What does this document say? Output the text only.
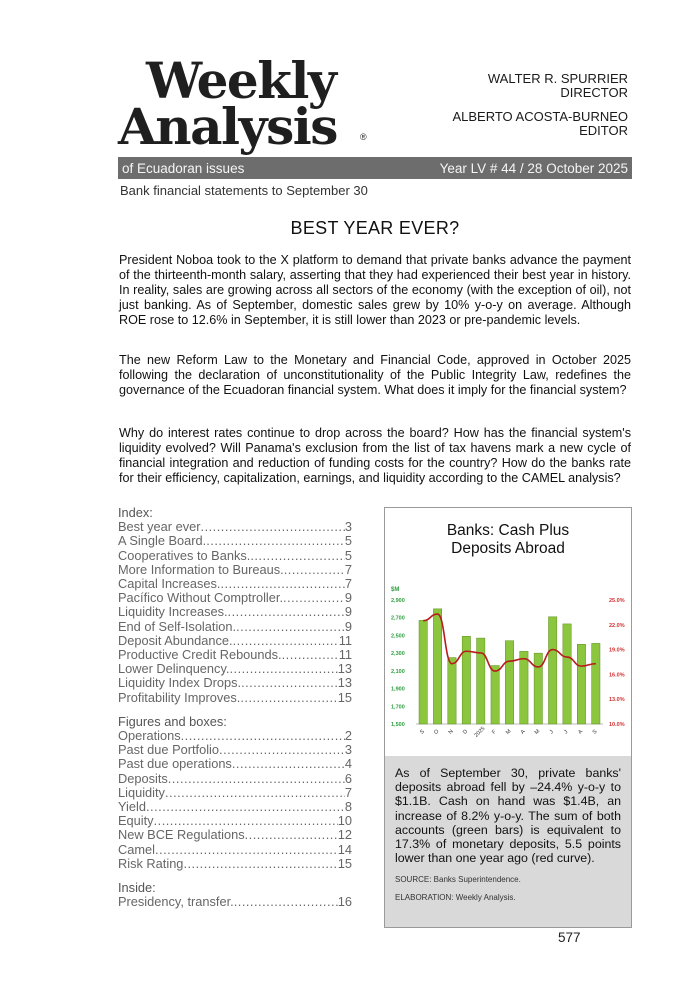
Weekly
Analysis	®
WALTER R. SPURRIER
DIRECTOR
ALBERTO ACOSTA-BURNEO
EDITOR
of Ecuadoran issues	Year LV # 44 / 28 October 2025
Bank financial statements to September 30
BEST YEAR EVER?

President Noboa took to the X platform to demand that private banks advance the payment of the thirteenth-month salary, asserting that they had experienced their best year in history. In reality, sales are growing across all sectors of the economy (with the exception of oil), not just banking. As of September, domestic sales grew by 10% y-o-y on average. Although ROE rose to 12.6% in September, it is still lower than 2023 or pre-pandemic levels.

The new Reform Law to the Monetary and Financial Code, approved in October 2025 following the declaration of unconstitutionality of the Public Integrity Law, redefines the governance of the Ecuadoran financial system. What does it imply for the financial system?

Why do interest rates continue to drop across the board? How has the financial system's liquidity evolved? Will Panama's exclusion from the list of tax havens mark a new cycle of financial integration and reduction of funding costs for the country? How do the banks rate for their efficiency, capitalization, earnings, and liquidity according to the CAMEL analysis?

Index:
Best year ever .....	3
A Single Board. .....	5
Cooperatives to Banks. .....	5
More Information to Bureaus. .....	7
Capital Increases. .....	7
Pacífico Without Comptroller. .....	9
Liquidity Increases. .....	9
End of Self-Isolation. .....	9
Deposit Abundance. .....	11
Productive Credit Rebounds. .....	11
Lower Delinquency. .....	13
Liquidity Index Drops. .....	13
Profitability Improves. .....	15
Figures and boxes:
Operations .....	2
Past due Portfolio .....	3
Past due operations .....	4
Deposits .....	6
Liquidity .....	7
Yield .....	8
Equity .....	10
New BCE Regulations .....	12
Camel .....	14
Risk Rating .....	15
Inside:
Presidency, transfer. .....	16
Banks: Cash Plus
Deposits Abroad
$M
2,900
2,700
2,500
2,300
2,100
1,900
1,700
1,500
25.0%
22.0%
19.0%
16.0%
13.0%
10.0%
S O N D 2025 F M A M J J A S

As of September 30, private banks' deposits abroad fell by –24.4% y-o-y to $1.1B. Cash on hand was $1.4B, an increase of 8.2% y-o-y. The sum of both accounts (green bars) is equivalent to 17.3% of monetary deposits, 5.5 points lower than one year ago (red curve).

SOURCE: Banks Superintendence.

ELABORATION: Weekly Analysis.

577
